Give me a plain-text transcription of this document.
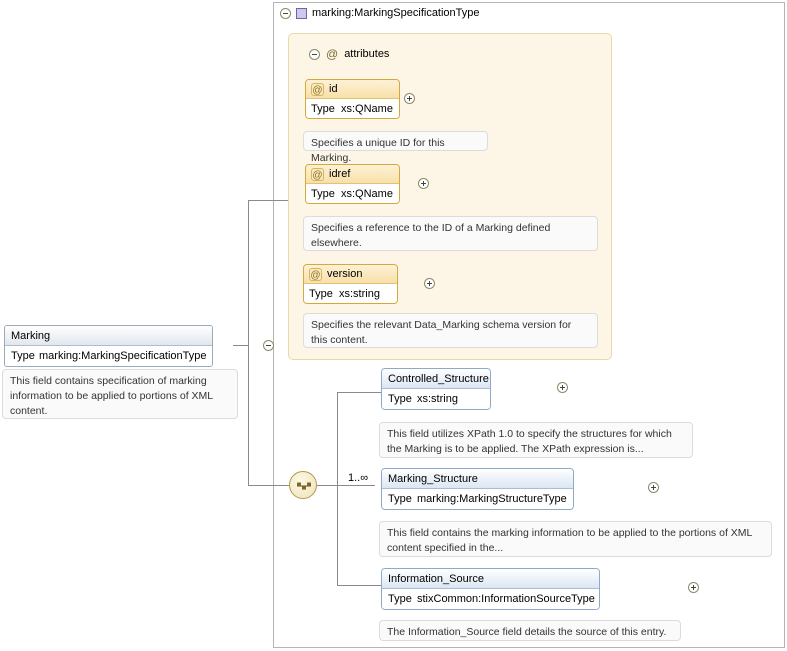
marking:MarkingSpecificationType
@ attributes
@ id
Type xs:QName

Specifies a unique ID for this Marking.
@ idref
Type xs:QName

Specifies a reference to the ID of a Marking defined elsewhere.
@ version
Type xs:string

Specifies the relevant Data_Marking schema version for this content.
Marking
Type marking:MarkingSpecificationType

This field contains specification of marking information to be applied to portions of XML content.
Controlled_Structure
Type xs:string

This field utilizes XPath 1.0 to specify the structures for which the Marking is to be applied. The XPath expression is...
1..∞ Marking_Structure
Type marking:MarkingStructureType

This field contains the marking information to be applied to the portions of XML content specified in the...
Information_Source
Type stixCommon:InformationSourceType
The Information_Source field details the source of this entry.
